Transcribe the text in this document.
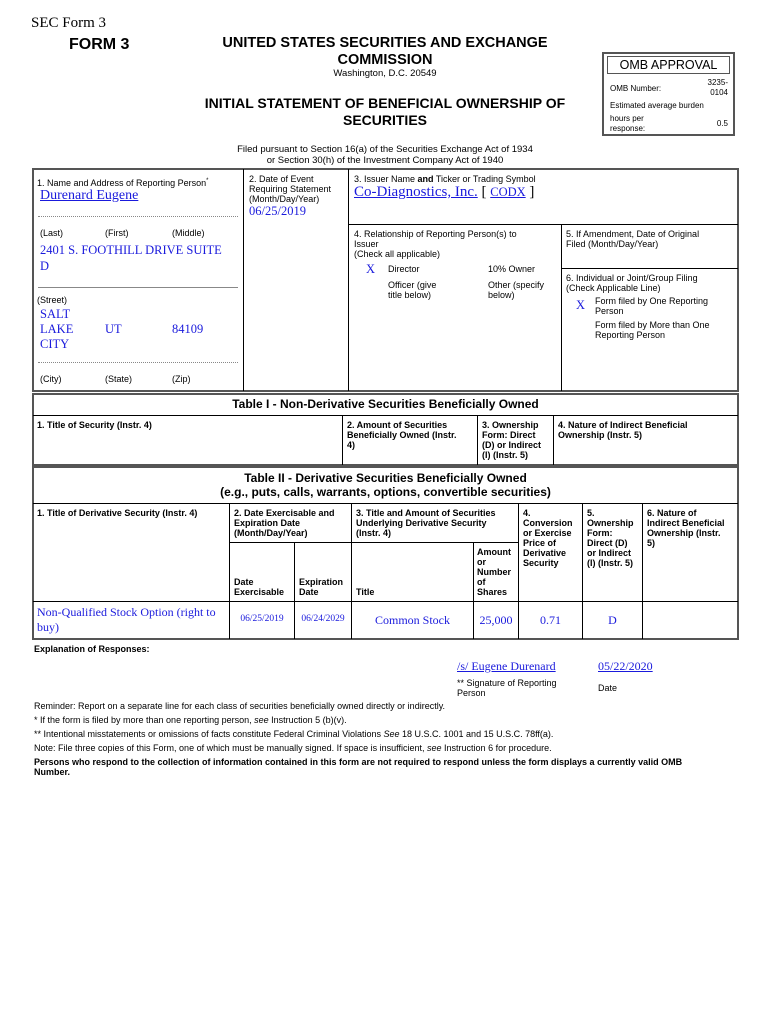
SEC Form 3
FORM 3	UNITED STATES SECURITIES AND EXCHANGE
COMMISSION
Washington, D.C. 20549
INITIAL STATEMENT OF BENEFICIAL OWNERSHIP OF
SECURITIES
Filed pursuant to Section 16(a) of the Securities Exchange Act of 1934
or Section 30(h) of the Investment Company Act of 1940
OMB APPROVAL
OMB Number:
3235-
0104
Estimated average burden
hours per
response:
0.5
1. Name and Address of Reporting Person*
Durenard Eugene
(Last)	(First)	(Middle)
2401 S. FOOTHILL DRIVE SUITE
D
(Street)
SALT
LAKE
CITY
UT	84109
(City)	(State)	(Zip)
2. Date of Event
Requiring Statement
(Month/Day/Year)
06/25/2019
3. Issuer Name and Ticker or Trading Symbol
Co-Diagnostics, Inc. [ CODX ]
4. Relationship of Reporting Person(s) to
Issuer
(Check all applicable)
X Director	10% Owner
Officer (give
title below)
Other (specify
below)
5. If Amendment, Date of Original
Filed (Month/Day/Year)
6. Individual or Joint/Group Filing
(Check Applicable Line)
X Form filed by One Reporting
Person
Form filed by More than One
Reporting Person
Table I - Non-Derivative Securities Beneficially Owned
1. Title of Security (Instr. 4)	2. Amount of Securities
Beneficially Owned (Instr.
4)
3. Ownership
Form: Direct
(D) or Indirect
(I) (Instr. 5)
4. Nature of Indirect Beneficial
Ownership (Instr. 5)
Table II - Derivative Securities Beneficially Owned
(e.g., puts, calls, warrants, options, convertible securities)
1. Title of Derivative Security (Instr. 4)	2. Date Exercisable and
Expiration Date
(Month/Day/Year)
Date
Exercisable
Expiration
Date
3. Title and Amount of Securities
Underlying Derivative Security
(Instr. 4)
Title
Amount
or
Number
of
Shares
4.
Conversion
or Exercise
Price of
Derivative
Security
5.
Ownership
Form:
Direct (D)
or Indirect
(I) (Instr. 5)
6. Nature of
Indirect Beneficial
Ownership (Instr.
5)
Non-Qualified Stock Option (right to
buy)
06/25/2019	06/24/2029	Common Stock	25,000	0.71	D
Explanation of Responses:
/s/ Eugene Durenard	05/22/2020
** Signature of Reporting
Person	Date
Reminder: Report on a separate line for each class of securities beneficially owned directly or indirectly.
* If the form is filed by more than one reporting person, see Instruction 5 (b)(v).
** Intentional misstatements or omissions of facts constitute Federal Criminal Violations See 18 U.S.C. 1001 and 15 U.S.C. 78ff(a).
Note: File three copies of this Form, one of which must be manually signed. If space is insufficient, see Instruction 6 for procedure.
Persons who respond to the collection of information contained in this form are not required to respond unless the form displays a currently valid OMB
Number.
